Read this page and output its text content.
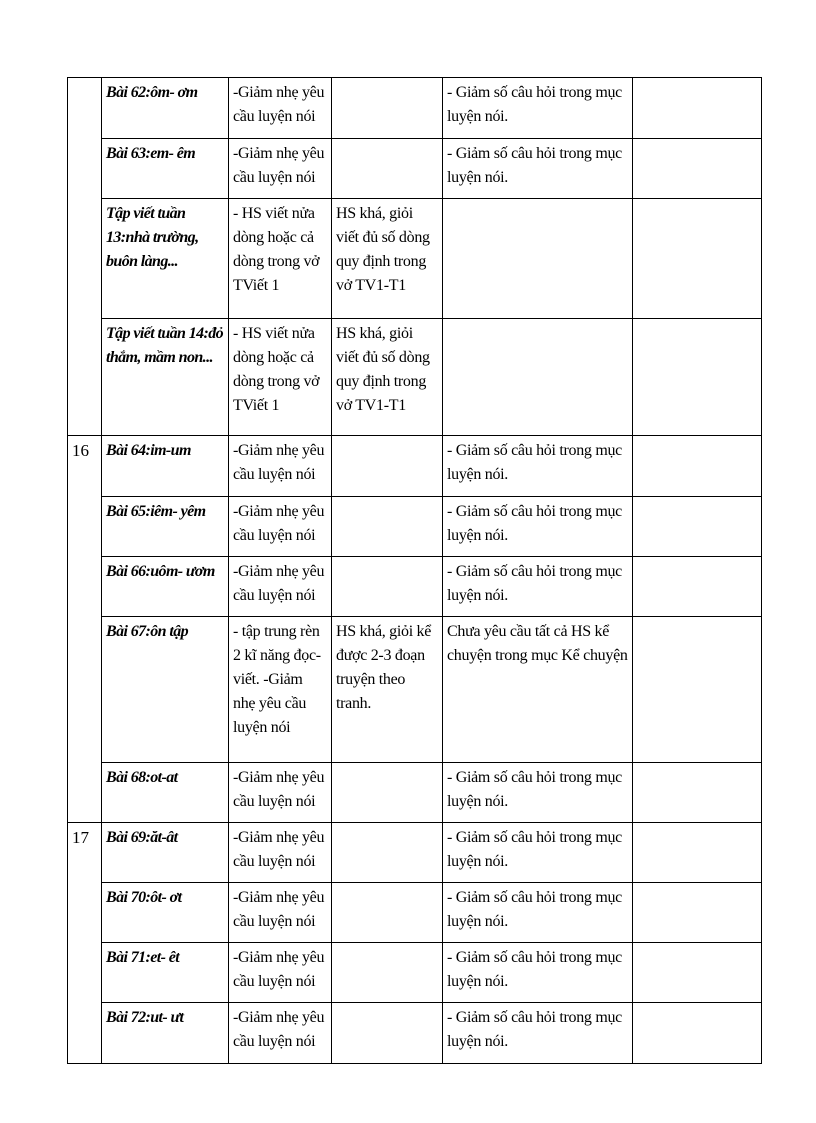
	Bài 62:ôm- ơm	-Giảm nhẹ yêu cầu luyện nói		- Giảm số câu hỏi trong mục luyện nói.	
	Bài 63:em- êm	-Giảm nhẹ yêu cầu luyện nói		- Giảm số câu hỏi trong mục luyện nói.	
	Tập viết tuần 13:nhà trường, buôn làng...	- HS viết nửa dòng hoặc cả dòng trong vở TViết 1	HS khá, giỏi viết đủ số dòng quy định trong vở TV1-T1		
	Tập viết tuần 14:đỏ thắm, mầm non...	- HS viết nửa dòng hoặc cả dòng trong vở TViết 1	HS khá, giỏi viết đủ số dòng quy định trong vở TV1-T1		
16	Bài 64:im-um	-Giảm nhẹ yêu cầu luyện nói		- Giảm số câu hỏi trong mục luyện nói.	
	Bài 65:iêm- yêm	-Giảm nhẹ yêu cầu luyện nói		- Giảm số câu hỏi trong mục luyện nói.	
	Bài 66:uôm- ươm	-Giảm nhẹ yêu cầu luyện nói		- Giảm số câu hỏi trong mục luyện nói.	
	Bài 67:ôn tập	- tập trung rèn 2 kĩ năng đọc- viết. -Giảm nhẹ yêu cầu luyện nói	HS khá, giỏi kể được 2-3 đoạn truyện theo tranh.	Chưa yêu cầu tất cả HS kể chuyện trong mục Kể chuyện	
	Bài 68:ot-at	-Giảm nhẹ yêu cầu luyện nói		- Giảm số câu hỏi trong mục luyện nói.	
17	Bài 69:ăt-ât	-Giảm nhẹ yêu cầu luyện nói		- Giảm số câu hỏi trong mục luyện nói.	
	Bài 70:ôt- ơt	-Giảm nhẹ yêu cầu luyện nói		- Giảm số câu hỏi trong mục luyện nói.	
	Bài 71:et- êt	-Giảm nhẹ yêu cầu luyện nói		- Giảm số câu hỏi trong mục luyện nói.	
	Bài 72:ut- ưt	-Giảm nhẹ yêu cầu luyện nói		- Giảm số câu hỏi trong mục luyện nói.	
